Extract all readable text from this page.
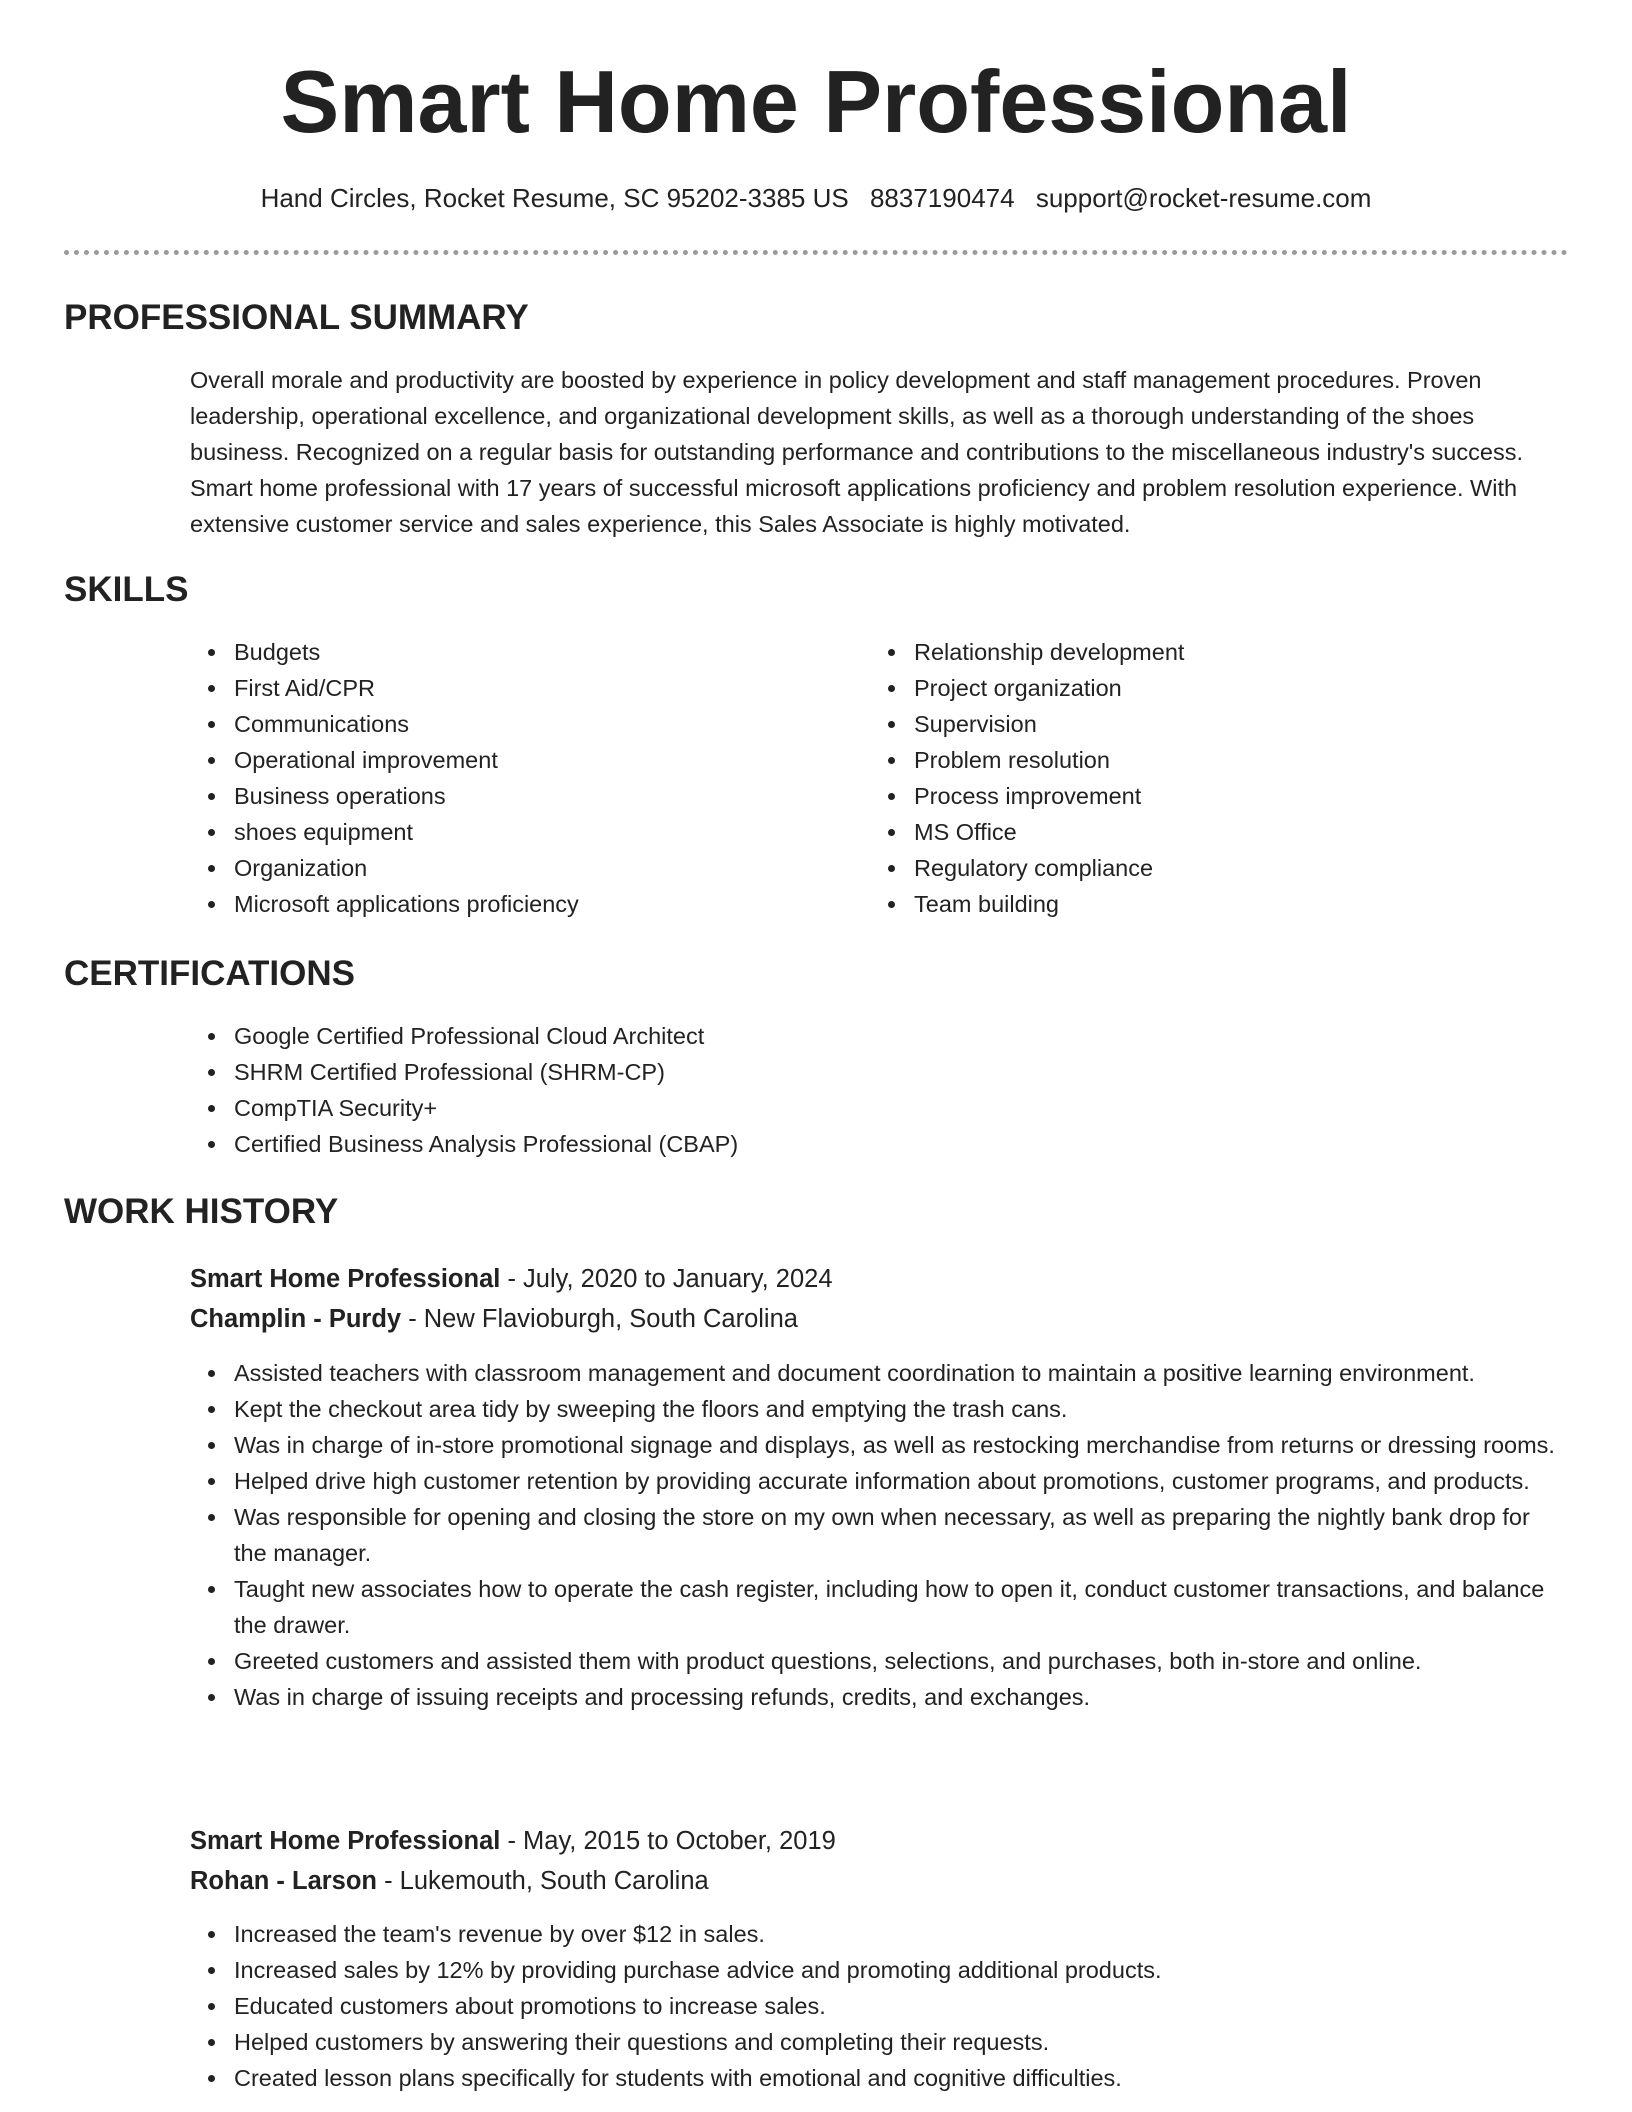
Smart Home Professional
Hand Circles, Rocket Resume, SC 95202-3385 US 8837190474 support@rocket-resume.com
PROFESSIONAL SUMMARY

Overall morale and productivity are boosted by experience in policy development and staff management procedures. Proven leadership, operational excellence, and organizational development skills, as well as a thorough understanding of the shoes business. Recognized on a regular basis for outstanding performance and contributions to the miscellaneous industry's success. Smart home professional with 17 years of successful microsoft applications proficiency and problem resolution experience. With extensive customer service and sales experience, this Sales Associate is highly motivated.

SKILLS
Budgets
First Aid/CPR
Communications
Operational improvement
Business operations
shoes equipment
Organization
Microsoft applications proficiency
Relationship development
Project organization
Supervision
Problem resolution
Process improvement
MS Office
Regulatory compliance
Team building
CERTIFICATIONS
Google Certified Professional Cloud Architect
SHRM Certified Professional (SHRM-CP)
CompTIA Security+
Certified Business Analysis Professional (CBAP)
WORK HISTORY
Smart Home Professional - July, 2020 to January, 2024
Champlin - Purdy - New Flavioburgh, South Carolina
Assisted teachers with classroom management and document coordination to maintain a positive learning environment.
Kept the checkout area tidy by sweeping the floors and emptying the trash cans.
Was in charge of in-store promotional signage and displays, as well as restocking merchandise from returns or dressing rooms.
Helped drive high customer retention by providing accurate information about promotions, customer programs, and products.
Was responsible for opening and closing the store on my own when necessary, as well as preparing the nightly bank drop for the manager.
Taught new associates how to operate the cash register, including how to open it, conduct customer transactions, and balance the drawer.
Greeted customers and assisted them with product questions, selections, and purchases, both in-store and online.
Was in charge of issuing receipts and processing refunds, credits, and exchanges.
Smart Home Professional - May, 2015 to October, 2019
Rohan - Larson - Lukemouth, South Carolina
Increased the team's revenue by over $12 in sales.
Increased sales by 12% by providing purchase advice and promoting additional products.
Educated customers about promotions to increase sales.
Helped customers by answering their questions and completing their requests.
Created lesson plans specifically for students with emotional and cognitive difficulties.
